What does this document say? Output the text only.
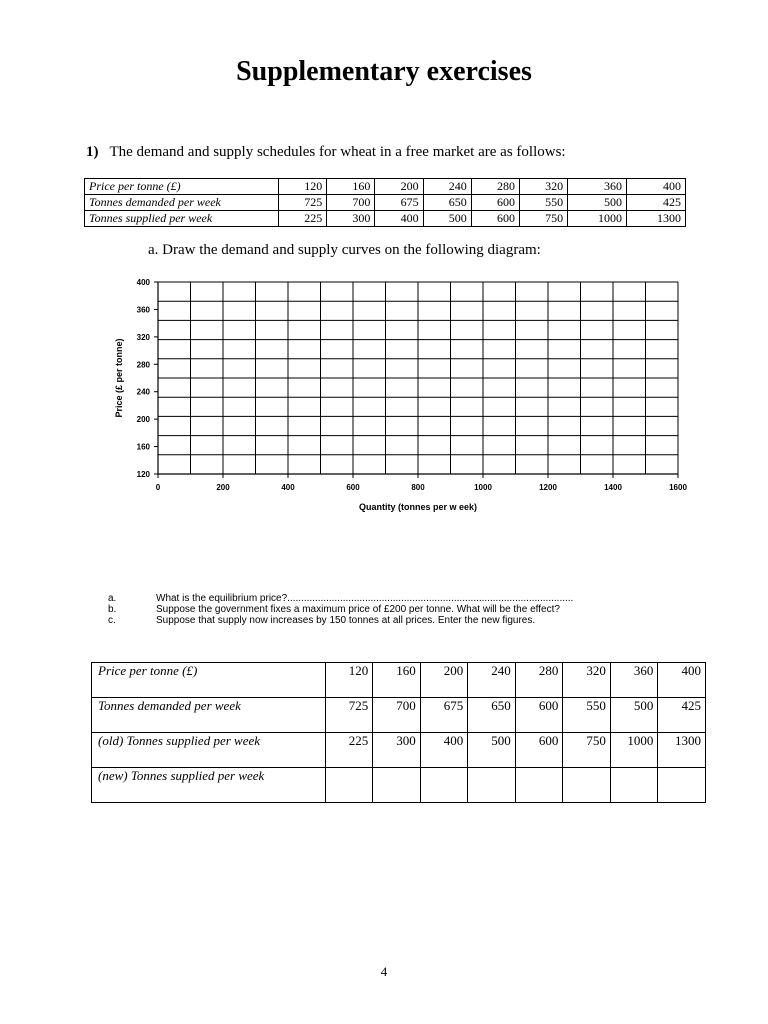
Supplementary exercises
1) The demand and supply schedules for wheat in a free market are as follows:
Price per tonne (£)	120	160	200	240	280	320	360	400
Tonnes demanded per week	725	700	675	650	600	550	500	425
Tonnes supplied per week	225	300	400	500	600	750	1000	1300
a. Draw the demand and supply curves on the following diagram:
120
160
200
240
280
320
360
400
0	200	400	600	800	1000	1200	1400	1600
Quantity (tonnes per w eek)
Price (£ per tonne)
a.	What is the equilibrium price?.......................................................................................................
b.	Suppose the government fixes a maximum price of £200 per tonne. What will be the effect?
c.	Suppose that supply now increases by 150 tonnes at all prices. Enter the new figures.
Price per tonne (£)	120	160	200	240	280	320	360	400
Tonnes demanded per week	725	700	675	650	600	550	500	425
(old) Tonnes supplied per week	225	300	400	500	600	750	1000	1300
(new) Tonnes supplied per week								
4
